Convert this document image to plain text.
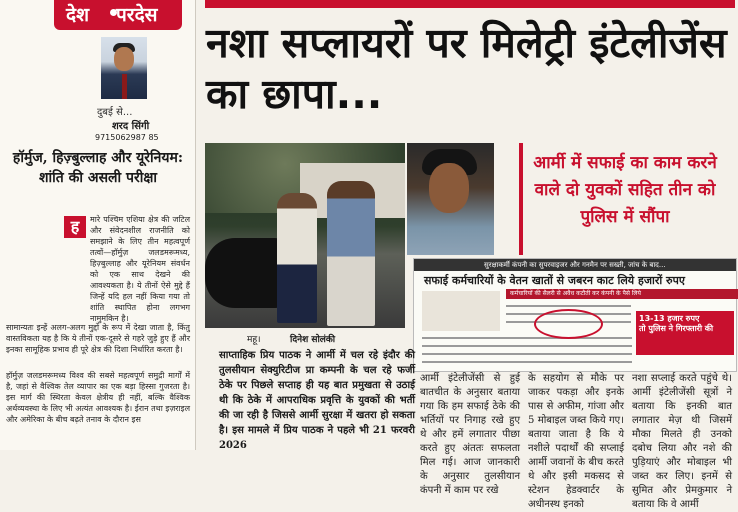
देश परदेस
दुबई से...
शरद सिंगी
9715062987 85
हॉर्मुज, हिज़्बुल्लाह और यूरेनियम: शांति की असली परीक्षा
ह	मारे पश्चिम एशिया क्षेत्र की जटिल और संवेदनशील राजनीति को समझाने के लिए तीन महत्वपूर्ण तत्वों—हॉर्मुज़ जलडमरूमध्य, हिज़्बुल्लाह और यूरेनियम संवर्धन को एक साथ देखने की आवश्यकता है। ये तीनों ऐसे मुद्दे हैं जिन्हें यदि हल नहीं किया गया तो शांति स्थापित होना लगभग नामुमकिन है।
सामान्यतः इन्हें अलग-अलग मुद्दों के रूप में देखा जाता है, किंतु वास्तविकता यह है कि ये तीनों एक-दूसरे से गहरे जुड़े हुए हैं और इनका सामूहिक प्रभाव ही पूरे क्षेत्र की दिशा निर्धारित करता है।
हॉर्मुज़ जलडमरूमध्य विश्व की सबसे महत्वपूर्ण समुद्री मार्गों में है, जहां से वैश्विक तेल व्यापार का एक बड़ा हिस्सा गुजरता है। इस मार्ग की स्थिरता केवल क्षेत्रीय ही नहीं, बल्कि वैश्विक अर्थव्यवस्था के लिए भी अत्यंत आवश्यक है। ईरान तथा इज़राइल और अमेरिका के बीच बढ़ते तनाव के दौरान इस
नशा सप्लायरों पर मिलेट्री इंटेलीजेंस का छापा...
आर्मी में सफाई का काम करने वाले दो युवकों सहित तीन को पुलिस में सौंपा
सुरक्षाकर्मी कंपनी का सुपरवाइजर और गनमैन पर सख्ती, जांच के बाद...
सफाई कर्मचारियों के वेतन खातों से जबरन काट लिये हजारों रुपए
कर्मचारियों की सैलरी से अवैध कटौती कर कंपनी के पैसे लिये
13-13 हजार रुपए
तो पुलिस ने गिरफ्तारी की
महू।	दिनेश सोलंकी
साप्ताहिक प्रिय पाठक ने आर्मी में चल रहे इंदौर की तुलसीयान सेक्युरिटीज प्रा कम्पनी के चल रहे फर्जी ठेके पर पिछले सप्ताह ही यह बात प्रमुखता से उठाई थी कि ठेके में आपराधिक प्रवृत्ति के युवकों की भर्ती की जा रही है जिससे आर्मी सुरक्षा में खतरा हो सकता है। इस मामले में प्रिय पाठक ने पहले भी 21 फरवरी 2026
आर्मी इंटेलीजेंसी से हुई बातचीत के अनुसार बताया गया कि हम सफाई ठेके की भर्तियों पर निगाह रखे हुए थे और हमें लगातार पीछा करते हुए अंततः सफलता मिल गई। आज जानकारी के अनुसार तुलसीयान कंपनी में काम पर रखे
के सहयोग से मौके पर जाकर पकड़ा और इनके पास से अफीम, गांजा और 5 मोबाइल जब्त किये गए। बताया जाता है कि ये नशीले पदार्थों की सप्लाई आर्मी जवानों के बीच करते थे और इसी मकसद से स्टेशन हेडक्वार्टर के अधीनस्थ इनको
नशा सप्लाई करते पहुंचे थे। आर्मी इंटेलीजेंसी सूत्रों ने बताया कि इनकी बात लगातार मेज़ थी जिसमें मौका मिलते ही उनको दबोच लिया और नशे की पुड़ियाएं और मोबाइल भी जब्त कर लिए। इनमें से सुमित और प्रेमकुमार ने बताया कि वे आर्मी
